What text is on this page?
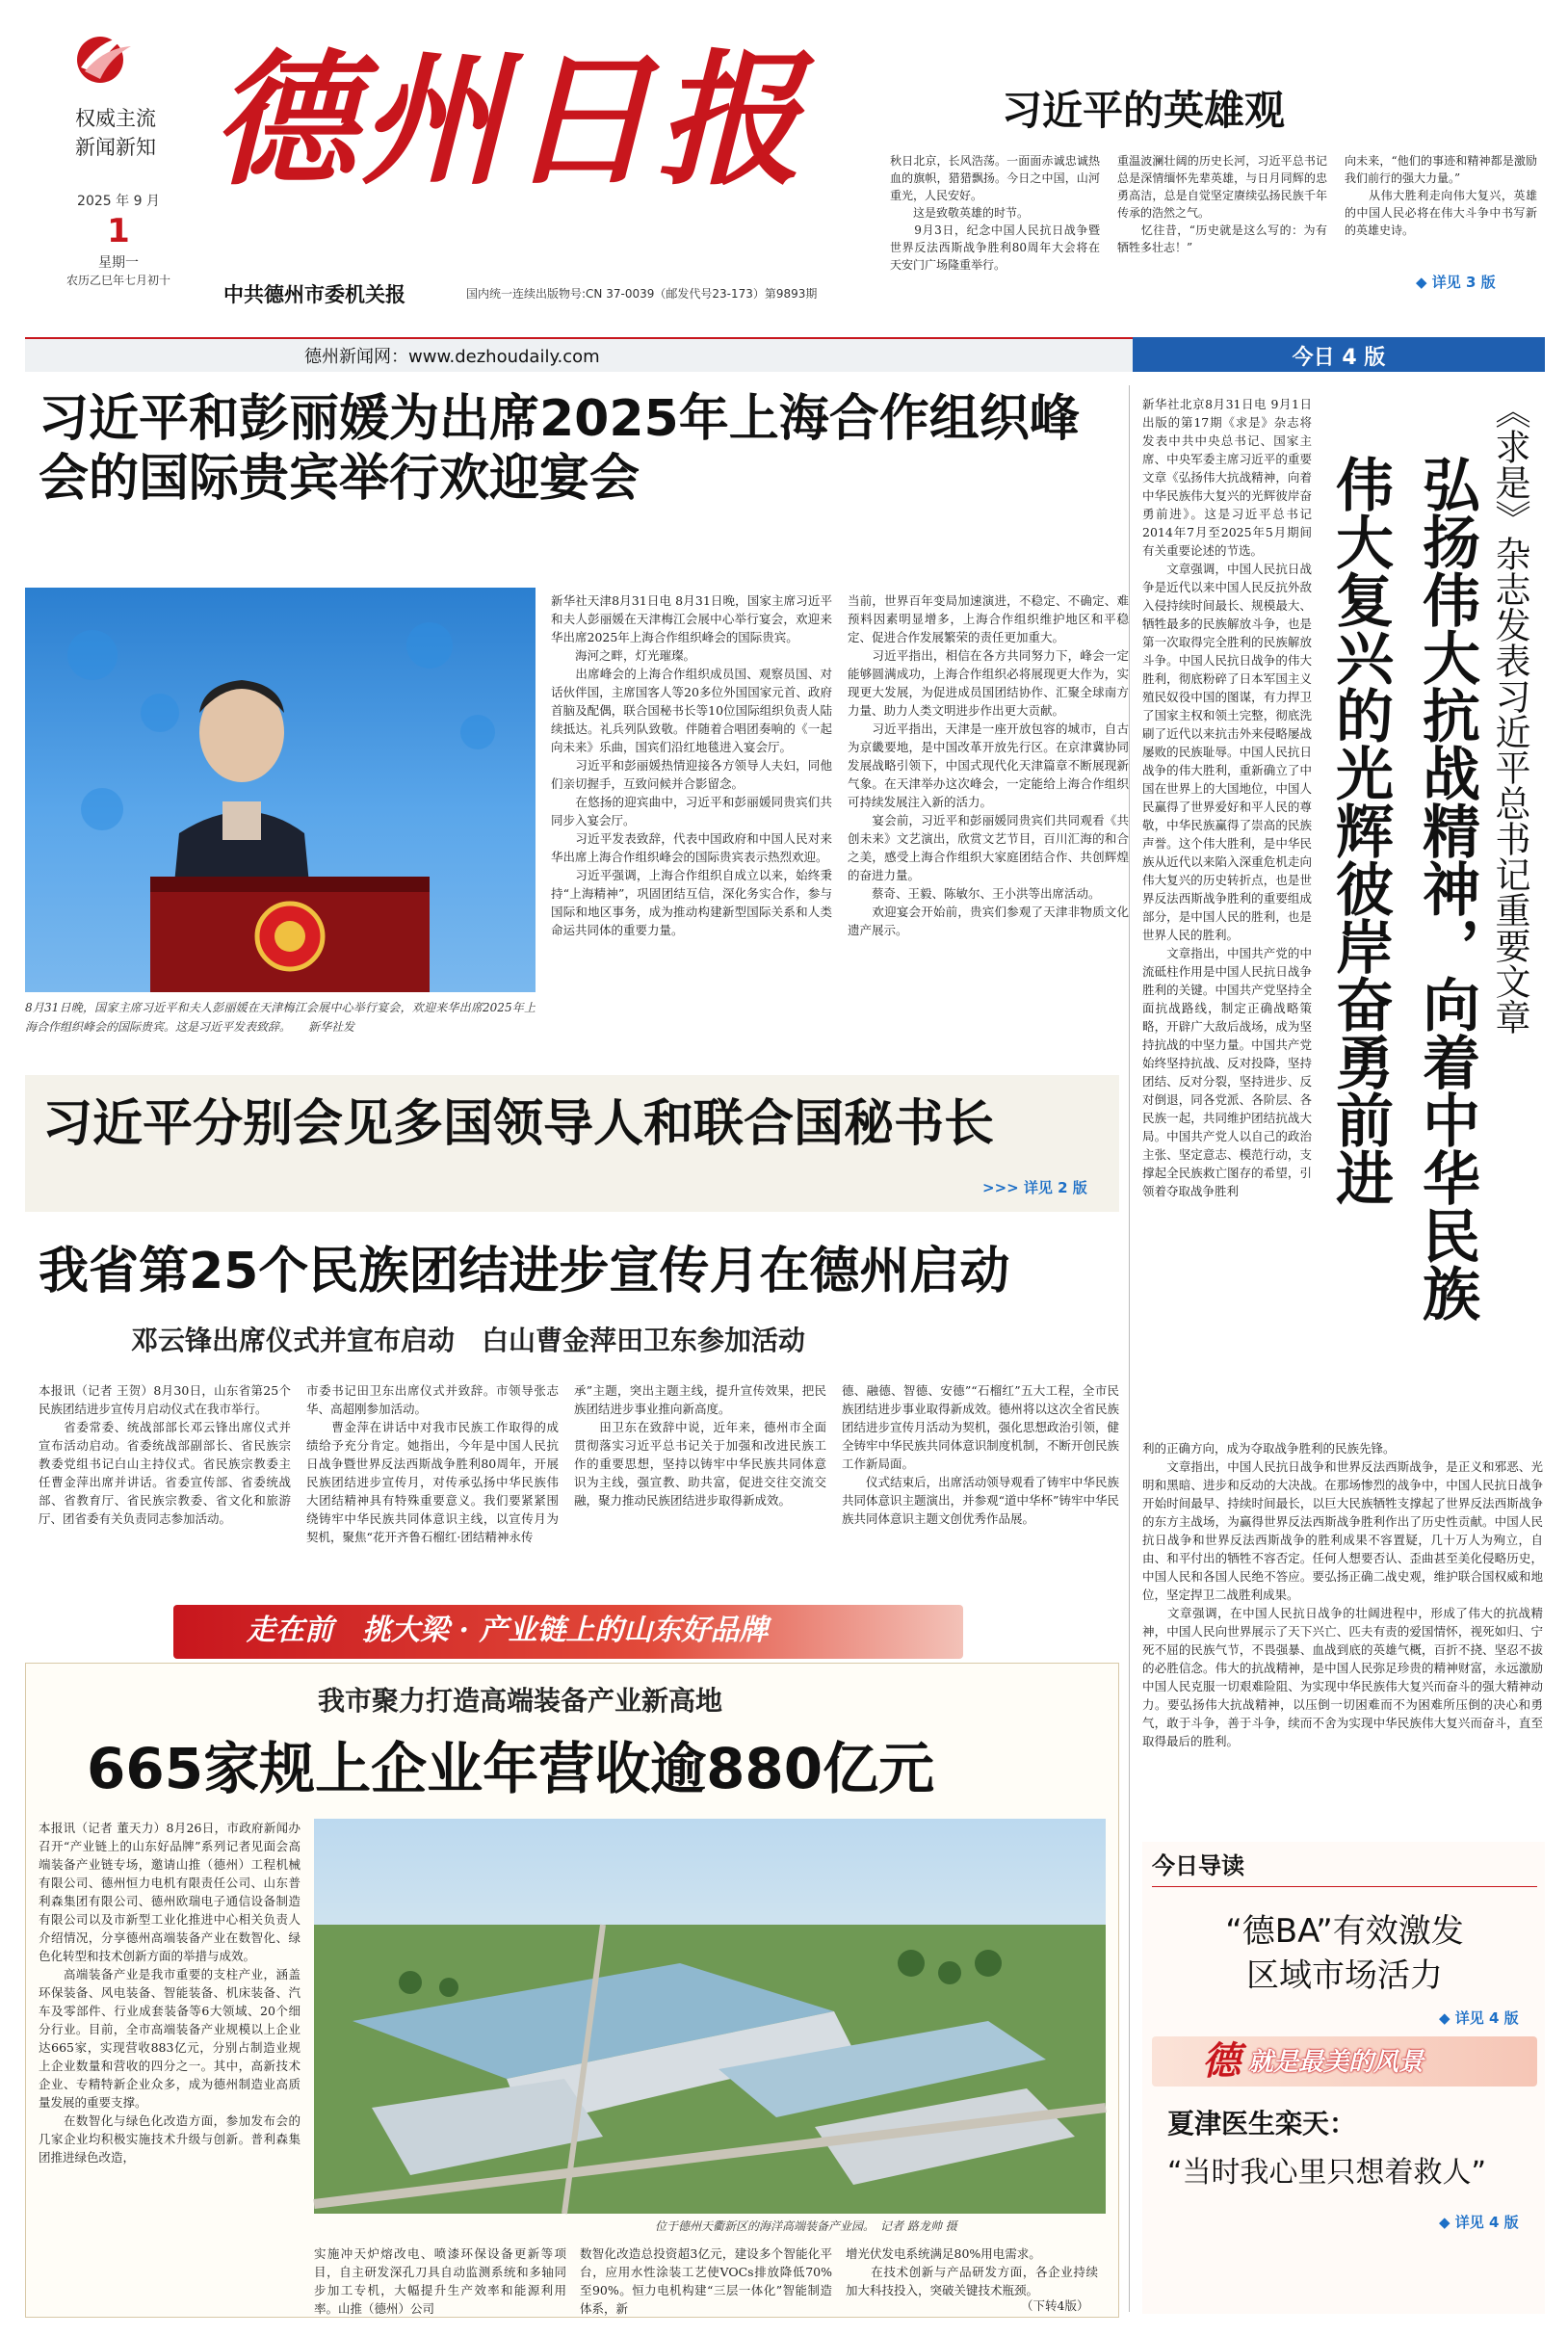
权威主流
新闻新知
2025 年 9 月
1
星期一
农历乙巳年七月初十
德州日报
中共德州市委机关报	国内统一连续出版物号:CN 37-0039（邮发代号23-173）第9893期
习近平的英雄观
秋日北京，长风浩荡。一面面赤诚忠诚热血的旗帜，猎猎飘扬。今日之中国，山河重光，人民安好。
　　这是致敬英雄的时节。
　　9月3日，纪念中国人民抗日战争暨世界反法西斯战争胜利80周年大会将在天安门广场隆重举行。
重温波澜壮阔的历史长河，习近平总书记总是深情缅怀先辈英雄，与日月同辉的忠勇高洁，总是自觉坚定赓续弘扬民族千年传承的浩然之气。
　　忆往昔，“历史就是这么写的：为有牺牲多壮志！”
向未来，“他们的事迹和精神都是激励我们前行的强大力量。”
　　从伟大胜利走向伟大复兴，英雄的中国人民必将在伟大斗争中书写新的英雄史诗。
◆ 详见 3 版
德州新闻网：www.dezhoudaily.com	今日 4 版
习近平和彭丽媛为出席2025年上海合作组织峰会的国际贵宾举行欢迎宴会
8月31日晚，国家主席习近平和夫人彭丽媛在天津梅江会展中心举行宴会，欢迎来华出席2025年上海合作组织峰会的国际贵宾。这是习近平发表致辞。　　新华社发
新华社天津8月31日电 8月31日晚，国家主席习近平和夫人彭丽媛在天津梅江会展中心举行宴会，欢迎来华出席2025年上海合作组织峰会的国际贵宾。
　　海河之畔，灯光璀璨。
　　出席峰会的上海合作组织成员国、观察员国、对话伙伴国，主席国客人等20多位外国国家元首、政府首脑及配偶，联合国秘书长等10位国际组织负责人陆续抵达。礼兵列队致敬。伴随着合唱团奏响的《一起向未来》乐曲，国宾们沿红地毯进入宴会厅。
　　习近平和彭丽媛热情迎接各方领导人夫妇，同他们亲切握手，互致问候并合影留念。
　　在悠扬的迎宾曲中，习近平和彭丽媛同贵宾们共同步入宴会厅。
　　习近平发表致辞，代表中国政府和中国人民对来华出席上海合作组织峰会的国际贵宾表示热烈欢迎。
　　习近平强调，上海合作组织自成立以来，始终秉持“上海精神”，巩固团结互信，深化务实合作，参与国际和地区事务，成为推动构建新型国际关系和人类命运共同体的重要力量。
当前，世界百年变局加速演进，不稳定、不确定、难预料因素明显增多，上海合作组织维护地区和平稳定、促进合作发展繁荣的责任更加重大。
　　习近平指出，相信在各方共同努力下，峰会一定能够圆满成功，上海合作组织必将展现更大作为，实现更大发展，为促进成员国团结协作、汇聚全球南方力量、助力人类文明进步作出更大贡献。
　　习近平指出，天津是一座开放包容的城市，自古为京畿要地，是中国改革开放先行区。在京津冀协同发展战略引领下，中国式现代化天津篇章不断展现新气象。在天津举办这次峰会，一定能给上海合作组织可持续发展注入新的活力。
　　宴会前，习近平和彭丽媛同贵宾们共同观看《共创未来》文艺演出，欣赏文艺节目，百川汇海的和合之美，感受上海合作组织大家庭团结合作、共创辉煌的奋进力量。
　　蔡奇、王毅、陈敏尔、王小洪等出席活动。
　　欢迎宴会开始前，贵宾们参观了天津非物质文化遗产展示。
习近平分别会见多国领导人和联合国秘书长
>>> 详见 2 版
我省第25个民族团结进步宣传月在德州启动
邓云锋出席仪式并宣布启动　白山曹金萍田卫东参加活动
本报讯（记者 王贺）8月30日，山东省第25个民族团结进步宣传月启动仪式在我市举行。
　　省委常委、统战部部长邓云锋出席仪式并宣布活动启动。省委统战部副部长、省民族宗教委党组书记白山主持仪式。省民族宗教委主任曹金萍出席并讲话。省委宣传部、省委统战部、省教育厅、省民族宗教委、省文化和旅游厅、团省委有关负责同志参加活动。
市委书记田卫东出席仪式并致辞。市领导张志华、高超刚参加活动。
　　曹金萍在讲话中对我市民族工作取得的成绩给予充分肯定。她指出，今年是中国人民抗日战争暨世界反法西斯战争胜利80周年，开展民族团结进步宣传月，对传承弘扬中华民族伟大团结精神具有特殊重要意义。我们要紧紧围绕铸牢中华民族共同体意识主线，以宣传月为契机，聚焦“花开齐鲁石榴红·团结精神永传
承”主题，突出主题主线，提升宣传效果，把民族团结进步事业推向新高度。
　　田卫东在致辞中说，近年来，德州市全面贯彻落实习近平总书记关于加强和改进民族工作的重要思想，坚持以铸牢中华民族共同体意识为主线，强宣教、助共富，促进交往交流交融，聚力推动民族团结进步取得新成效。
德、融德、智德、安德”“石榴红”五大工程，全市民族团结进步事业取得新成效。德州将以这次全省民族团结进步宣传月活动为契机，强化思想政治引领，健全铸牢中华民族共同体意识制度机制，不断开创民族工作新局面。
　　仪式结束后，出席活动领导观看了铸牢中华民族共同体意识主题演出，并参观“道中华杯”铸牢中华民族共同体意识主题文创优秀作品展。
走在前　挑大梁 · 产业链上的山东好品牌
我市聚力打造高端装备产业新高地
665家规上企业年营收逾880亿元
本报讯（记者 董天力）8月26日，市政府新闻办召开“产业链上的山东好品牌”系列记者见面会高端装备产业链专场，邀请山推（德州）工程机械有限公司、德州恒力电机有限责任公司、山东普利森集团有限公司、德州欧瑞电子通信设备制造有限公司以及市新型工业化推进中心相关负责人介绍情况，分享德州高端装备产业在数智化、绿色化转型和技术创新方面的举措与成效。
　　高端装备产业是我市重要的支柱产业，涵盖环保装备、风电装备、智能装备、机床装备、汽车及零部件、行业成套装备等6大领域、20个细分行业。目前，全市高端装备产业规模以上企业达665家，实现营收883亿元，分别占制造业规上企业数量和营收的四分之一。其中，高新技术企业、专精特新企业众多，成为德州制造业高质量发展的重要支撑。
　　在数智化与绿色化改造方面，参加发布会的几家企业均积极实施技术升级与创新。普利森集团推进绿色改造，
位于德州天衢新区的海洋高端装备产业园。　记者 路龙帅 摄
实施冲天炉熔改电、喷漆环保设备更新等项目，自主研发深孔刀具自动监测系统和多轴同步加工专机，大幅提升生产效率和能源利用率。山推（德州）公司
数智化改造总投资超3亿元，建设多个智能化平台，应用水性涂装工艺使VOCs排放降低70%至90%。恒力电机构建“三层一体化”智能制造体系，新
增光伏发电系统满足80%用电需求。
　　在技术创新与产品研发方面，各企业持续加大科技投入，突破关键技术瓶颈。
（下转4版）
新华社北京8月31日电 9月1日出版的第17期《求是》杂志将发表中共中央总书记、国家主席、中央军委主席习近平的重要文章《弘扬伟大抗战精神，向着中华民族伟大复兴的光辉彼岸奋勇前进》。这是习近平总书记2014年7月至2025年5月期间有关重要论述的节选。
　　文章强调，中国人民抗日战争是近代以来中国人民反抗外敌入侵持续时间最长、规模最大、牺牲最多的民族解放斗争，也是第一次取得完全胜利的民族解放斗争。中国人民抗日战争的伟大胜利，彻底粉碎了日本军国主义殖民奴役中国的图谋，有力捍卫了国家主权和领土完整，彻底洗刷了近代以来抗击外来侵略屡战屡败的民族耻辱。中国人民抗日战争的伟大胜利，重新确立了中国在世界上的大国地位，中国人民赢得了世界爱好和平人民的尊敬，中华民族赢得了崇高的民族声誉。这个伟大胜利，是中华民族从近代以来陷入深重危机走向伟大复兴的历史转折点，也是世界反法西斯战争胜利的重要组成部分，是中国人民的胜利，也是世界人民的胜利。
　　文章指出，中国共产党的中流砥柱作用是中国人民抗日战争胜利的关键。中国共产党坚持全面抗战路线，制定正确战略策略，开辟广大敌后战场，成为坚持抗战的中坚力量。中国共产党始终坚持抗战、反对投降，坚持团结、反对分裂，坚持进步、反对倒退，同各党派、各阶层、各民族一起，共同维护团结抗战大局。中国共产党人以自己的政治主张、坚定意志、模范行动，支撑起全民族救亡图存的希望，引领着夺取战争胜利
《求是》杂志发表习近平总书记重要文章
弘扬伟大抗战精神，向着中华民族
伟大复兴的光辉彼岸奋勇前进
利的正确方向，成为夺取战争胜利的民族先锋。
　　文章指出，中国人民抗日战争和世界反法西斯战争，是正义和邪恶、光明和黑暗、进步和反动的大决战。在那场惨烈的战争中，中国人民抗日战争开始时间最早、持续时间最长，以巨大民族牺牲支撑起了世界反法西斯战争的东方主战场，为赢得世界反法西斯战争胜利作出了历史性贡献。中国人民抗日战争和世界反法西斯战争的胜利成果不容置疑，几十万人为殉立，自由、和平付出的牺牲不容否定。任何人想要否认、歪曲甚至美化侵略历史，中国人民和各国人民绝不答应。要弘扬正确二战史观，维护联合国权威和地位，坚定捍卫二战胜利成果。
　　文章强调，在中国人民抗日战争的壮阔进程中，形成了伟大的抗战精神，中国人民向世界展示了天下兴亡、匹夫有责的爱国情怀，视死如归、宁死不屈的民族气节，不畏强暴、血战到底的英雄气概，百折不挠、坚忍不拔的必胜信念。伟大的抗战精神，是中国人民弥足珍贵的精神财富，永远激励中国人民克服一切艰难险阻、为实现中华民族伟大复兴而奋斗的强大精神动力。要弘扬伟大抗战精神，以压倒一切困难而不为困难所压倒的决心和勇气，敢于斗争，善于斗争，续而不舍为实现中华民族伟大复兴而奋斗，直至取得最后的胜利。
今日导读
“德BA”有效激发
区域市场活力
◆ 详见 4 版
德 就是最美的风景
夏津医生栾天：
“当时我心里只想着救人”
◆ 详见 4 版
